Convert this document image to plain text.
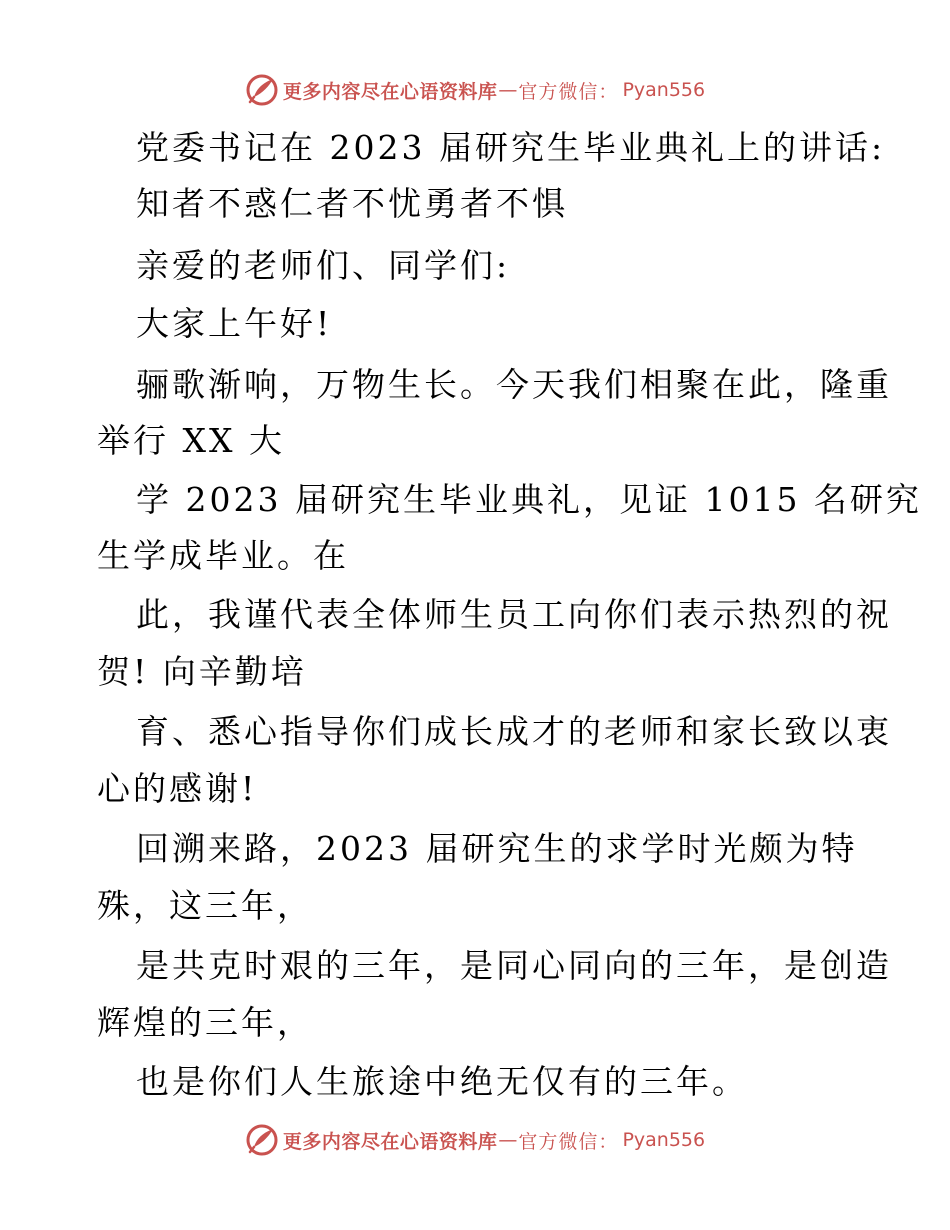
更多内容尽在心语资料库 — 官方微信： Pyan556
党委书记在 2023 届研究生毕业典礼上的讲话:
知者不惑仁者不忧勇者不惧
亲爱的老师们、同学们:
大家上午好!
骊歌渐响，万物生长。今天我们相聚在此，隆重
举行 XX 大
学 2023 届研究生毕业典礼，见证 1015 名研究
生学成毕业。在
此，我谨代表全体师生员工向你们表示热烈的祝
贺! 向辛勤培
育、悉心指导你们成长成才的老师和家长致以衷
心的感谢!
回溯来路，2023 届研究生的求学时光颇为特
殊，这三年，
是共克时艰的三年，是同心同向的三年，是创造
辉煌的三年，
也是你们人生旅途中绝无仅有的三年。
更多内容尽在心语资料库 — 官方微信： Pyan556
